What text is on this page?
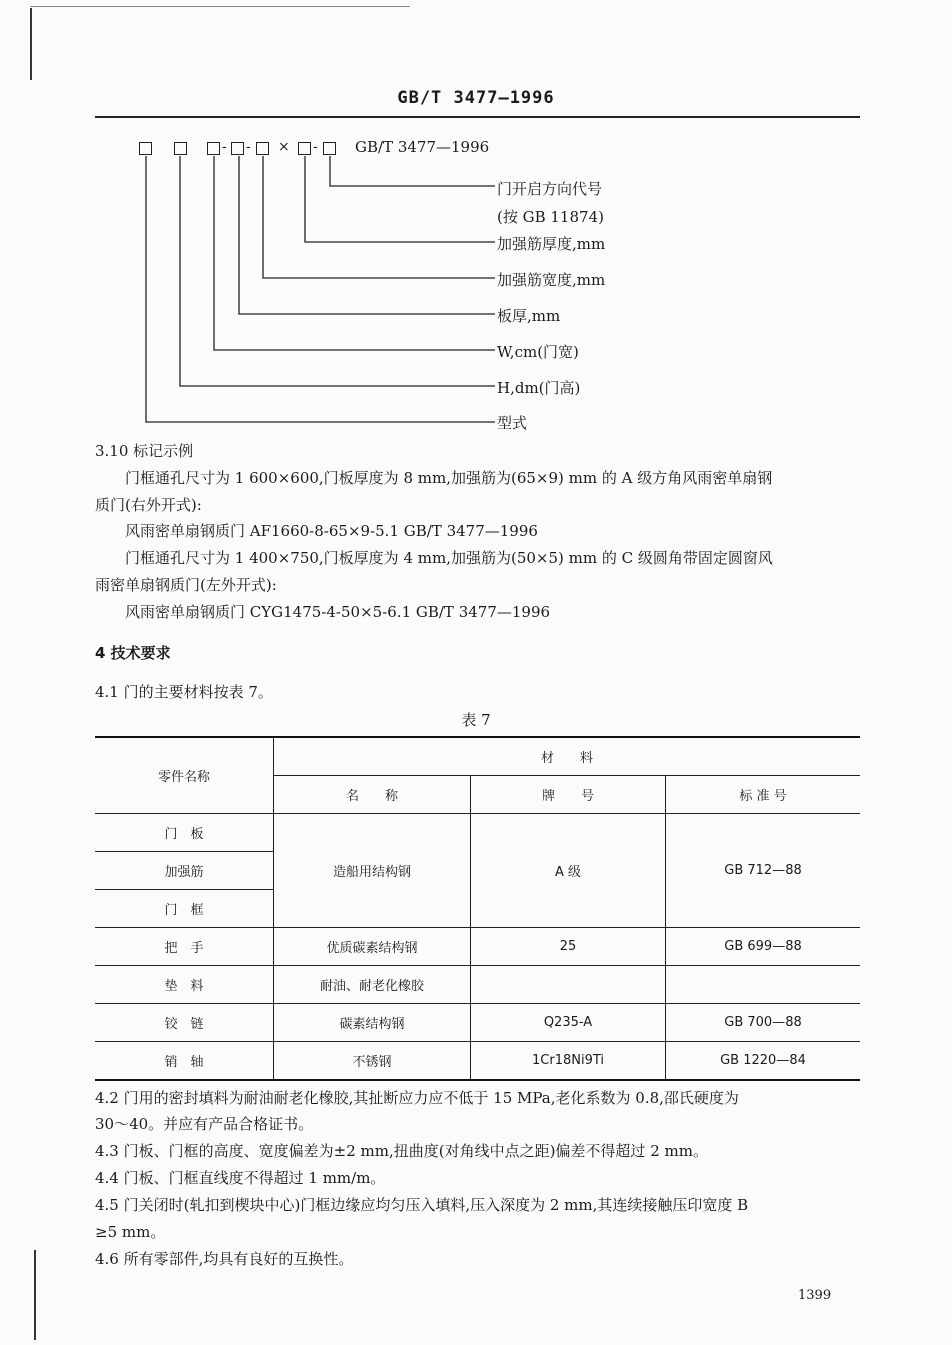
GB/T 3477—1996
- - × - GB/T 3477—1996
门开启方向代号
(按 GB 11874)
加强筋厚度,mm
加强筋宽度,mm
板厚,mm
W,cm(门宽)
H,dm(门高)
型式
3.10 标记示例
门框通孔尺寸为 1 600×600,门板厚度为 8 mm,加强筋为(65×9) mm 的 A 级方角风雨密单扇钢
质门(右外开式):
风雨密单扇钢质门 AF1660-8-65×9-5.1 GB/T 3477—1996
门框通孔尺寸为 1 400×750,门板厚度为 4 mm,加强筋为(50×5) mm 的 C 级圆角带固定圆窗风
雨密单扇钢质门(左外开式):
风雨密单扇钢质门 CYG1475-4-50×5-6.1 GB/T 3477—1996
4 技术要求
4.1 门的主要材料按表 7。
表 7
零件名称	材　　料		
	名　　称	牌　　号	标 准 号
门　板	造船用结构钢	A 级	GB 712—88
加强筋			
门　框			
把　手	优质碳素结构钢	25	GB 699—88
垫　料	耐油、耐老化橡胶		
铰　链	碳素结构钢	Q235-A	GB 700—88
销　轴	不锈钢	1Cr18Ni9Ti	GB 1220—84
4.2 门用的密封填料为耐油耐老化橡胶,其扯断应力应不低于 15 MPa,老化系数为 0.8,邵氏硬度为
30～40。并应有产品合格证书。
4.3 门板、门框的高度、宽度偏差为±2 mm,扭曲度(对角线中点之距)偏差不得超过 2 mm。
4.4 门板、门框直线度不得超过 1 mm/m。
4.5 门关闭时(轧扣到楔块中心)门框边缘应均匀压入填料,压入深度为 2 mm,其连续接触压印宽度 B
≥5 mm。
4.6 所有零部件,均具有良好的互换性。
1399
